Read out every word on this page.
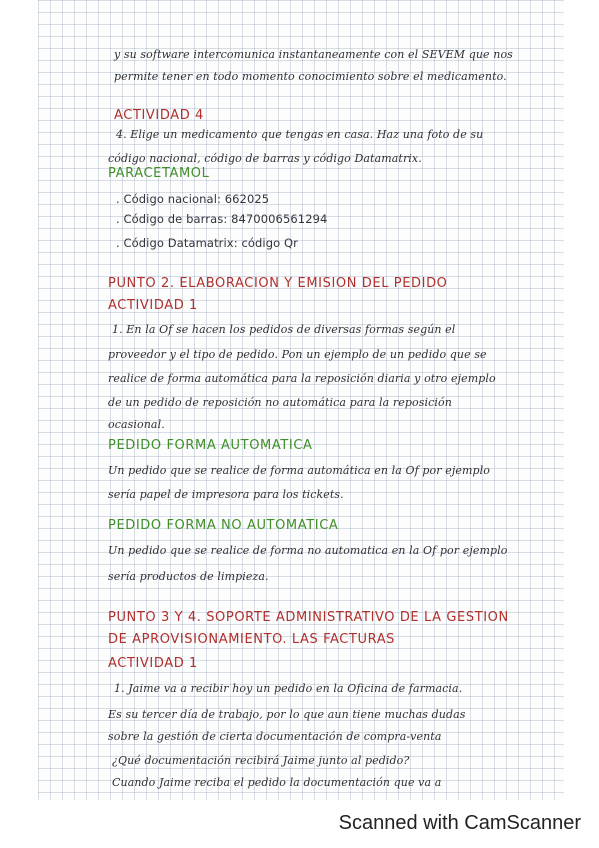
y su software intercomunica instantaneamente con el SEVEM que nos
permite tener en todo momento conocimiento sobre el medicamento.
ACTIVIDAD 4
4. Elige un medicamento que tengas en casa. Haz una foto de su
código nacional, código de barras y código Datamatrix.
PARACETAMOL
. Código nacional: 662025
. Código de barras: 8470006561294
. Código Datamatrix: código Qr
PUNTO 2. ELABORACION Y EMISION DEL PEDIDO
ACTIVIDAD 1
1. En la Of se hacen los pedidos de diversas formas según el
proveedor y el tipo de pedido. Pon un ejemplo de un pedido que se
realice de forma automática para la reposición diaria y otro ejemplo
de un pedido de reposición no automática para la reposición
ocasional.
PEDIDO FORMA AUTOMATICA
Un pedido que se realice de forma automática en la Of por ejemplo
sería papel de impresora para los tickets.
PEDIDO FORMA NO AUTOMATICA
Un pedido que se realice de forma no automatica en la Of por ejemplo
sería productos de limpieza.
PUNTO 3 Y 4. SOPORTE ADMINISTRATIVO DE LA GESTION
DE APROVISIONAMIENTO. LAS FACTURAS
ACTIVIDAD 1
1. Jaime va a recibir hoy un pedido en la Oficina de farmacia.
Es su tercer día de trabajo, por lo que aun tiene muchas dudas
sobre la gestión de cierta documentación de compra-venta
¿Qué documentación recibirá Jaime junto al pedido?
Cuando Jaime reciba el pedido la documentación que va a
Scanned with CamScanner
